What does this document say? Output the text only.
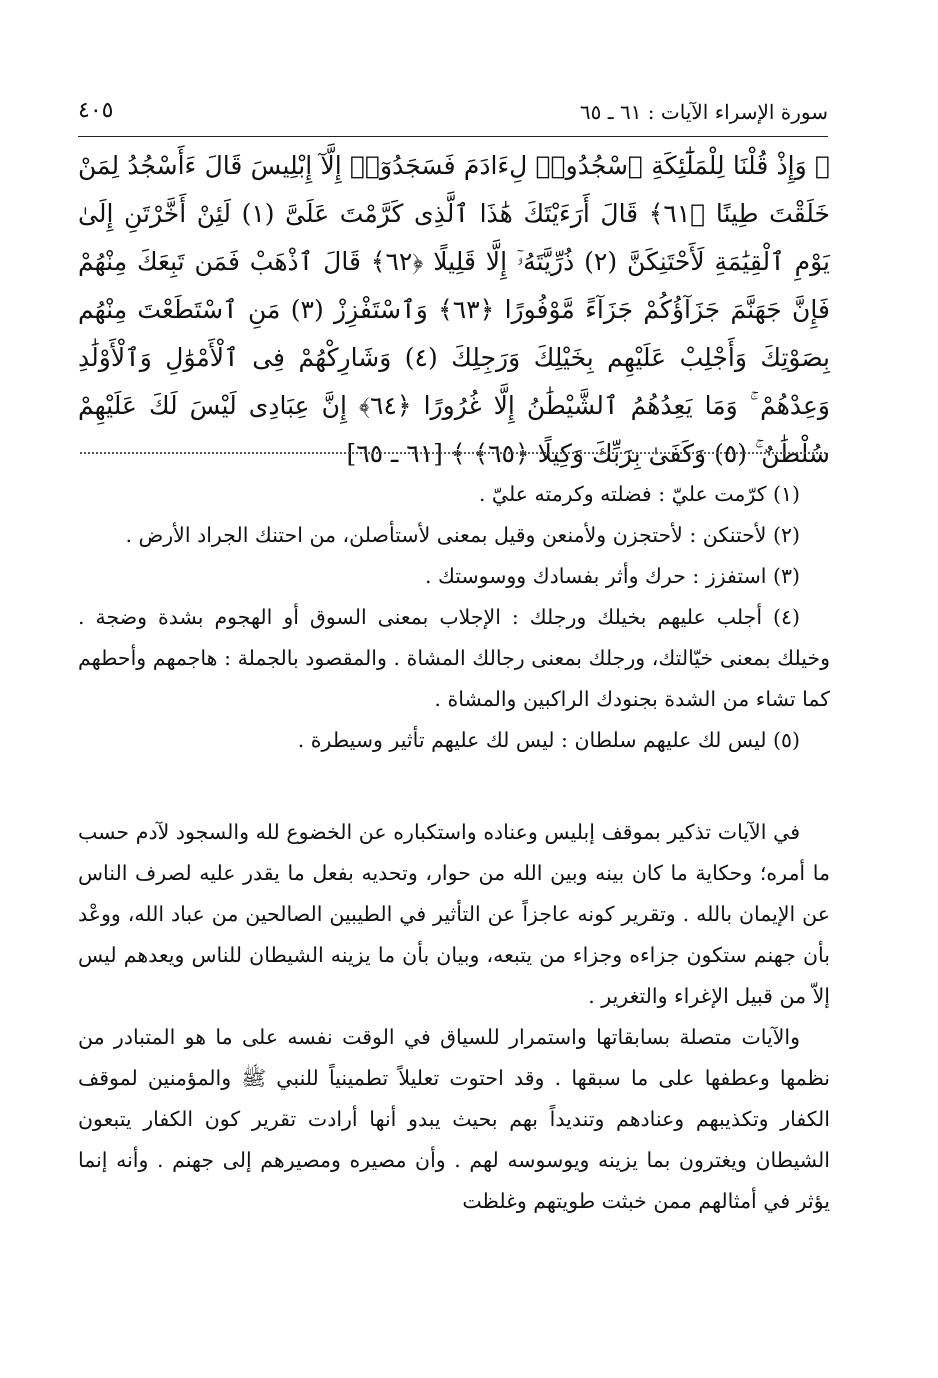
سورة الإسراء الآيات : ٦١ ـ ٦٥
٤٠٥
﴿ وَإِذْ قُلْنَا لِلْمَلَٰٓئِكَةِ ٱسْجُدُوا۟ لِءَادَمَ فَسَجَدُوٓا۟ إِلَّآ إِبْلِيسَ قَالَ ءَأَسْجُدُ لِمَنْ خَلَقْتَ طِينًا ﴿٦١﴾ قَالَ أَرَءَيْتَكَ هَٰذَا ٱلَّذِى كَرَّمْتَ عَلَىَّ (١) لَئِنْ أَخَّرْتَنِ إِلَىٰ يَوْمِ ٱلْقِيَٰمَةِ لَأَحْتَنِكَنَّ (٢) ذُرِّيَّتَهُۥٓ إِلَّا قَلِيلًا ﴿٦٢﴾ قَالَ ٱذْهَبْ فَمَن تَبِعَكَ مِنْهُمْ فَإِنَّ جَهَنَّمَ جَزَآؤُكُمْ جَزَآءً مَّوْفُورًا ﴿٦٣﴾ وَٱسْتَفْزِزْ (٣) مَنِ ٱسْتَطَعْتَ مِنْهُم بِصَوْتِكَ وَأَجْلِبْ عَلَيْهِم بِخَيْلِكَ وَرَجِلِكَ (٤) وَشَارِكْهُمْ فِى ٱلْأَمْوَٰلِ وَٱلْأَوْلَٰدِ وَعِدْهُمْ ۚ وَمَا يَعِدُهُمُ ٱلشَّيْطَٰنُ إِلَّا غُرُورًا ﴿٦٤﴾ إِنَّ عِبَادِى لَيْسَ لَكَ عَلَيْهِمْ سُلْطَٰنٌ ۚ (٥) وَكَفَىٰ بِرَبِّكَ وَكِيلًا ﴿٦٥﴾ ﴾ [٦١ ـ ٦٥]

(١) كرّمت عليّ : فضلته وكرمته عليّ .

(٢) لأحتنكن : لأحتجزن ولأمنعن وقيل بمعنى لأستأصلن، من احتنك الجراد الأرض .

(٣) استفزز : حرك وأثر بفسادك ووسوستك .

(٤) أجلب عليهم بخيلك ورجلك : الإجلاب بمعنى السوق أو الهجوم بشدة وضجة . وخيلك بمعنى خيّالتك، ورجلك بمعنى رجالك المشاة . والمقصود بالجملة : هاجمهم وأحطهم كما تشاء من الشدة بجنودك الراكبين والمشاة .

(٥) ليس لك عليهم سلطان : ليس لك عليهم تأثير وسيطرة .

في الآيات تذكير بموقف إبليس وعناده واستكباره عن الخضوع لله والسجود لآدم حسب ما أمره؛ وحكاية ما كان بينه وبين الله من حوار، وتحديه بفعل ما يقدر عليه لصرف الناس عن الإيمان بالله . وتقرير كونه عاجزاً عن التأثير في الطيبين الصالحين من عباد الله، ووعْد بأن جهنم ستكون جزاءه وجزاء من يتبعه، وبيان بأن ما يزينه الشيطان للناس ويعدهم ليس إلاّ من قبيل الإغراء والتغرير .

والآيات متصلة بسابقاتها واستمرار للسياق في الوقت نفسه على ما هو المتبادر من نظمها وعطفها على ما سبقها . وقد احتوت تعليلاً تطمينياً للنبي ﷺ والمؤمنين لموقف الكفار وتكذيبهم وعنادهم وتنديداً بهم بحيث يبدو أنها أرادت تقرير كون الكفار يتبعون الشيطان ويغترون بما يزينه ويوسوسه لهم . وأن مصيره ومصيرهم إلى جهنم . وأنه إنما يؤثر في أمثالهم ممن خبثت طويتهم وغلظت
